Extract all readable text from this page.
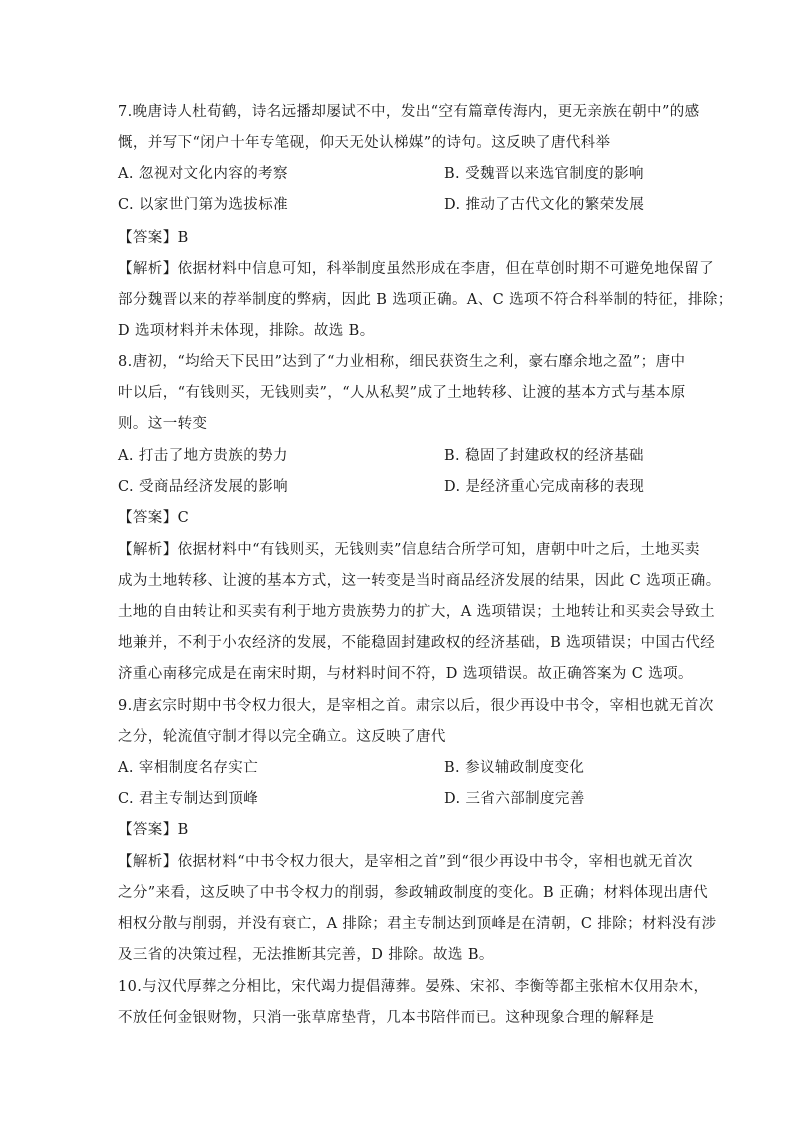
7.晚唐诗人杜荀鹤，诗名远播却屡试不中，发出“空有篇章传海内，更无亲族在朝中”的感
慨，并写下“闭户十年专笔砚，仰天无处认梯媒”的诗句。这反映了唐代科举
A. 忽视对文化内容的考察	B. 受魏晋以来选官制度的影响
C. 以家世门第为选拔标准	D. 推动了古代文化的繁荣发展
【答案】B
【解析】依据材料中信息可知，科举制度虽然形成在李唐，但在草创时期不可避免地保留了
部分魏晋以来的荐举制度的弊病，因此 B 选项正确。A、C 选项不符合科举制的特征，排除；
D 选项材料并未体现，排除。故选 B。
8.唐初，“均给天下民田”达到了“力业相称，细民获资生之利，豪右靡余地之盈”；唐中
叶以后，“有钱则买，无钱则卖”，“人从私契”成了土地转移、让渡的基本方式与基本原
则。这一转变
A. 打击了地方贵族的势力	B. 稳固了封建政权的经济基础
C. 受商品经济发展的影响	D. 是经济重心完成南移的表现
【答案】C
【解析】依据材料中“有钱则买，无钱则卖”信息结合所学可知，唐朝中叶之后，土地买卖
成为土地转移、让渡的基本方式，这一转变是当时商品经济发展的结果，因此 C 选项正确。
土地的自由转让和买卖有利于地方贵族势力的扩大，A 选项错误；土地转让和买卖会导致土
地兼并，不利于小农经济的发展，不能稳固封建政权的经济基础，B 选项错误；中国古代经
济重心南移完成是在南宋时期，与材料时间不符，D 选项错误。故正确答案为 C 选项。
9.唐玄宗时期中书令权力很大，是宰相之首。肃宗以后，很少再设中书令，宰相也就无首次
之分，轮流值守制才得以完全确立。这反映了唐代
A. 宰相制度名存实亡	B. 参议辅政制度变化
C. 君主专制达到顶峰	D. 三省六部制度完善
【答案】B
【解析】依据材料“中书令权力很大，是宰相之首”到“很少再设中书令，宰相也就无首次
之分”来看，这反映了中书令权力的削弱，参政辅政制度的变化。B 正确；材料体现出唐代
相权分散与削弱，并没有衰亡，A 排除；君主专制达到顶峰是在清朝，C 排除；材料没有涉
及三省的决策过程，无法推断其完善，D 排除。故选 B。
10.与汉代厚葬之分相比，宋代竭力提倡薄葬。晏殊、宋祁、李衡等都主张棺木仅用杂木，
不放任何金银财物，只消一张草席垫背，几本书陪伴而已。这种现象合理的解释是
